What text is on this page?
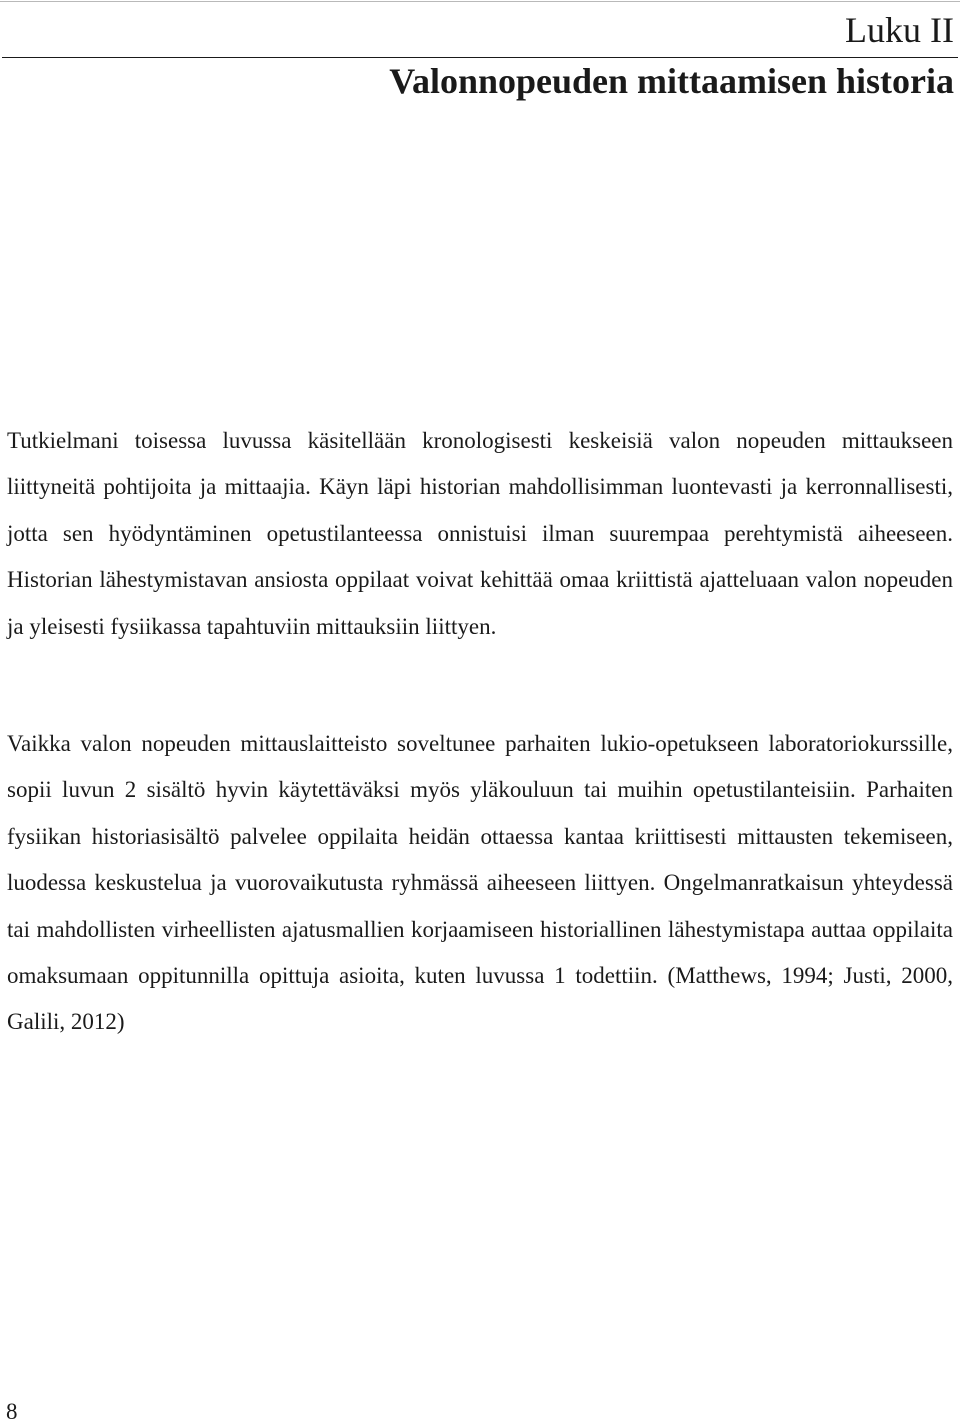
Luku II
Valonnopeuden mittaamisen historia

Tutkielmani toisessa luvussa käsitellään kronologisesti keskeisiä valon nopeuden mittaukseen liittyneitä pohtijoita ja mittaajia. Käyn läpi historian mahdollisimman luontevasti ja kerronnallisesti, jotta sen hyödyntäminen opetustilanteessa onnistuisi ilman suurempaa perehtymistä aiheeseen. Historian lähestymistavan ansiosta oppilaat voivat kehittää omaa kriittistä ajatteluaan valon nopeuden ja yleisesti fysiikassa tapahtuviin mittauksiin liittyen.

Vaikka valon nopeuden mittauslaitteisto soveltunee parhaiten lukio-opetukseen laboratoriokurssille, sopii luvun 2 sisältö hyvin käytettäväksi myös yläkouluun tai muihin opetustilanteisiin. Parhaiten fysiikan historiasisältö palvelee oppilaita heidän ottaessa kantaa kriittisesti mittausten tekemiseen, luodessa keskustelua ja vuorovaikutusta ryhmässä aiheeseen liittyen. Ongelmanratkaisun yhteydessä tai mahdollisten virheellisten ajatusmallien korjaamiseen historiallinen lähestymistapa auttaa oppilaita omaksumaan oppitunnilla opittuja asioita, kuten luvussa 1 todettiin. (Matthews, 1994; Justi, 2000, Galili, 2012)

8
